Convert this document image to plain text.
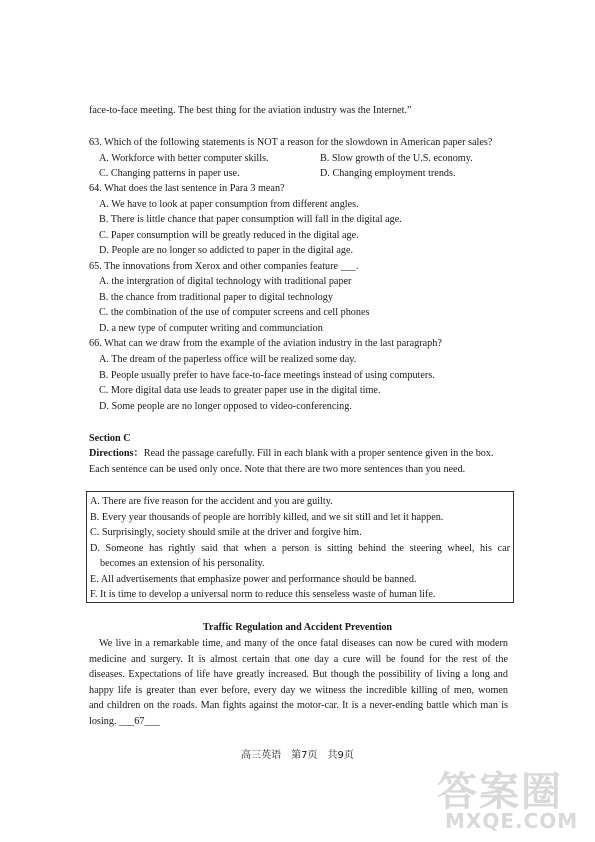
face-to-face meeting. The best thing for the aviation industry was the Internet.”
63. Which of the following statements is NOT a reason for the slowdown in American paper sales?
A. Workforce with better computer skills.	B. Slow growth of the U.S. economy.
C. Changing patterns in paper use.	D. Changing employment trends.
64. What does the last sentence in Para 3 mean?
A. We have to look at paper consumption from different angles.
B. There is little chance that paper consumption will fall in the digital age.
C. Paper consumption will be greatly reduced in the digital age.
D. People are no longer so addicted to paper in the digital age.
65. The innovations from Xerox and other companies feature ___.
A. the intergration of digital technology with traditional paper
B. the chance from traditional paper to digital technology
C. the combination of the use of computer screens and cell phones
D. a new type of computer writing and communciation
66. What can we draw from the example of the aviation industry in the last paragraph?
A. The dream of the paperless office will be realized some day.
B. People usually prefer to have face-to-face meetings instead of using computers.
C. More digital data use leads to greater paper use in the digital time.
D. Some people are no longer opposed to video-conferencing.
Section C
Directions：Read the passage carefully. Fill in each blank with a proper sentence given in the box.
Each sentence can be used only once. Note that there are two more sentences than you need.
A. There are five reason for the accident and you are guilty.
B. Every year thousands of people are horribly killed, and we sit still and let it happen.
C. Surprisingly, society should smile at the driver and forgive him.
D. Someone has rightly said that when a person is sitting behind the steering wheel, his car
becomes an extension of his personality.
E. All advertisements that emphasize power and performance should be banned.
F. It is time to develop a universal norm to reduce this senseless waste of human life.
Traffic Regulation and Accident Prevention
We live in a remarkable time, and many of the once fatal diseases can now be cured with modern
medicine and surgery. It is almost certain that one day a cure will be found for the rest of the
diseases. Expectations of life have greatly increased. But though the possibility of living a long and
happy life is greater than ever before, every day we witness the incredible killing of men, women
and children on the roads. Man fights against the motor-car. It is a never-ending battle which man is
losing. ___67___
高三英语　第7页　共9页
答案圈
MXQE.COM
